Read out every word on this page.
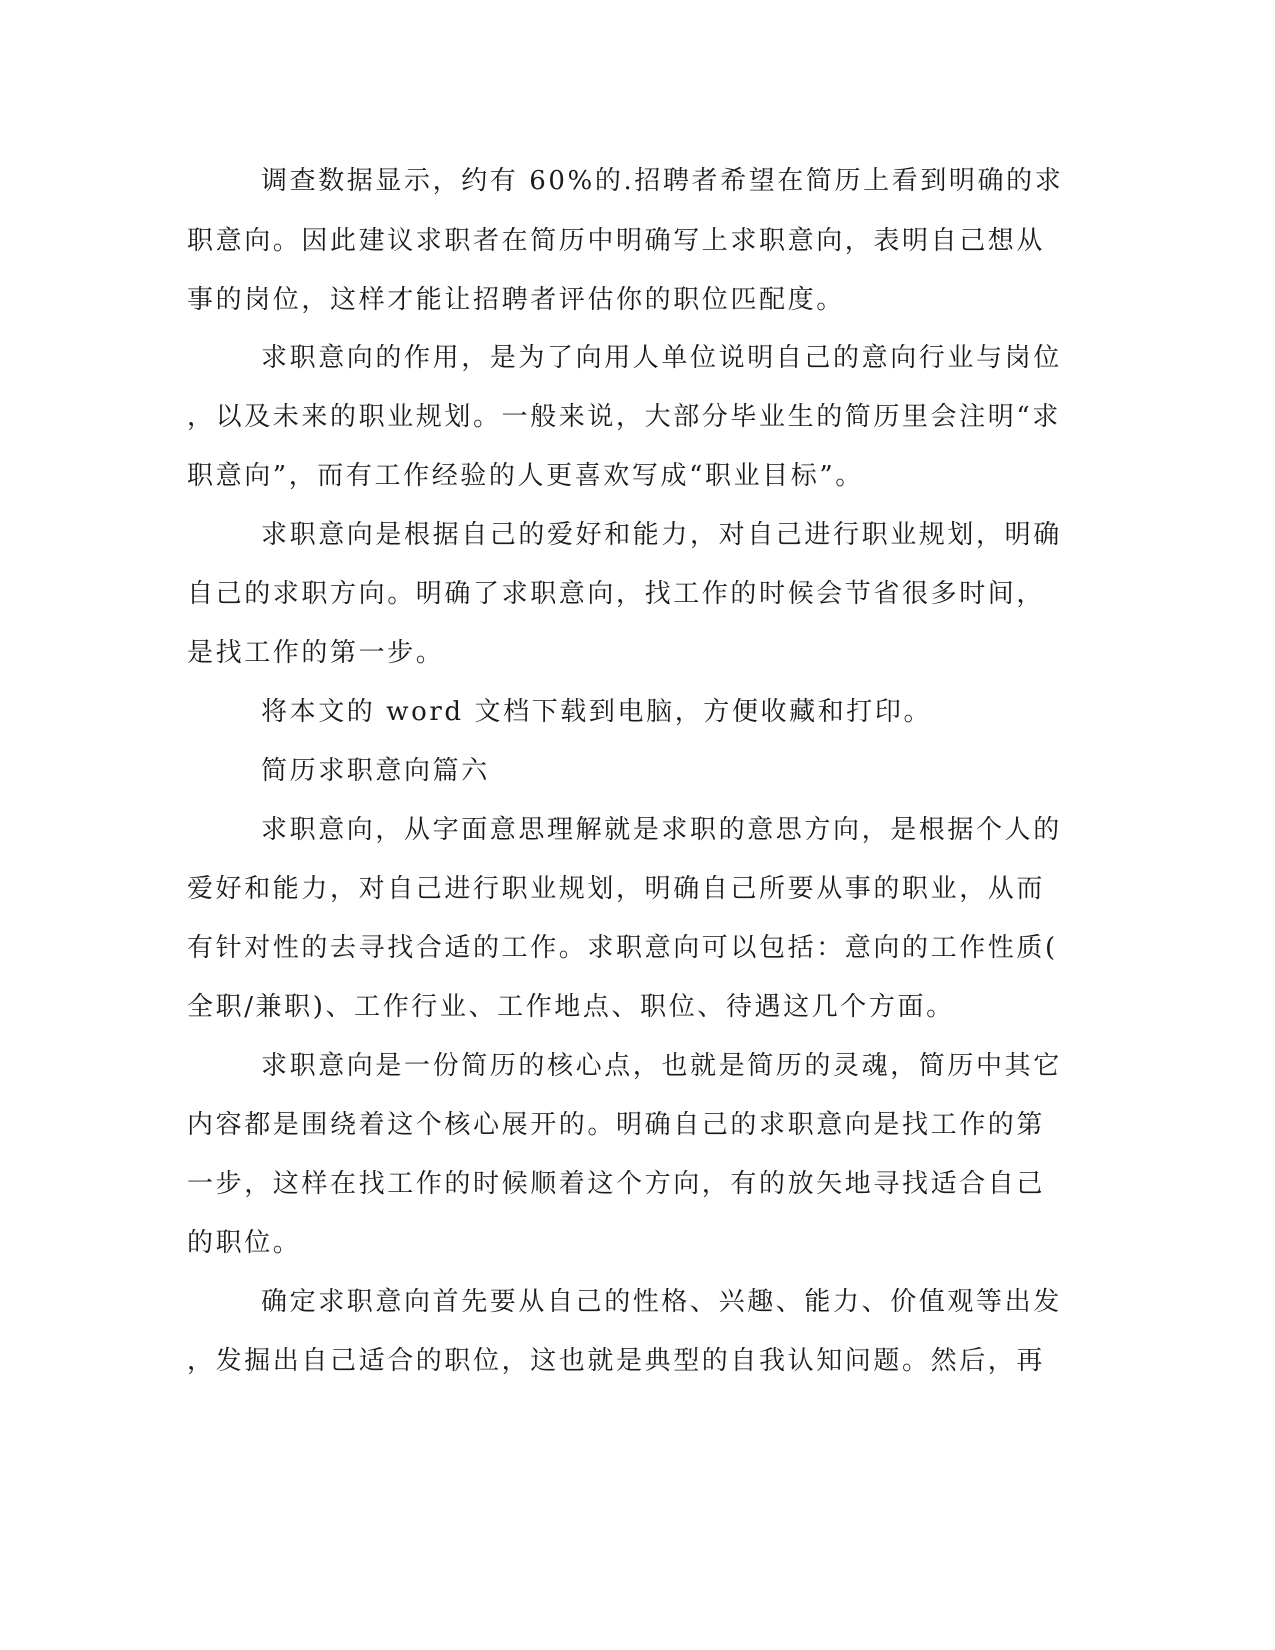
调查数据显示，约有 60%的.招聘者希望在简历上看到明确的求
职意向。因此建议求职者在简历中明确写上求职意向，表明自己想从
事的岗位，这样才能让招聘者评估你的职位匹配度。
求职意向的作用，是为了向用人单位说明自己的意向行业与岗位
，以及未来的职业规划。一般来说，大部分毕业生的简历里会注明“求
职意向”，而有工作经验的人更喜欢写成“职业目标”。
求职意向是根据自己的爱好和能力，对自己进行职业规划，明确
自己的求职方向。明确了求职意向，找工作的时候会节省很多时间，
是找工作的第一步。
将本文的 word 文档下载到电脑，方便收藏和打印。
简历求职意向篇六
求职意向，从字面意思理解就是求职的意思方向，是根据个人的
爱好和能力，对自己进行职业规划，明确自己所要从事的职业，从而
有针对性的去寻找合适的工作。求职意向可以包括：意向的工作性质(
全职/兼职)、工作行业、工作地点、职位、待遇这几个方面。
求职意向是一份简历的核心点，也就是简历的灵魂，简历中其它
内容都是围绕着这个核心展开的。明确自己的求职意向是找工作的第
一步，这样在找工作的时候顺着这个方向，有的放矢地寻找适合自己
的职位。
确定求职意向首先要从自己的性格、兴趣、能力、价值观等出发
，发掘出自己适合的职位，这也就是典型的自我认知问题。然后，再
